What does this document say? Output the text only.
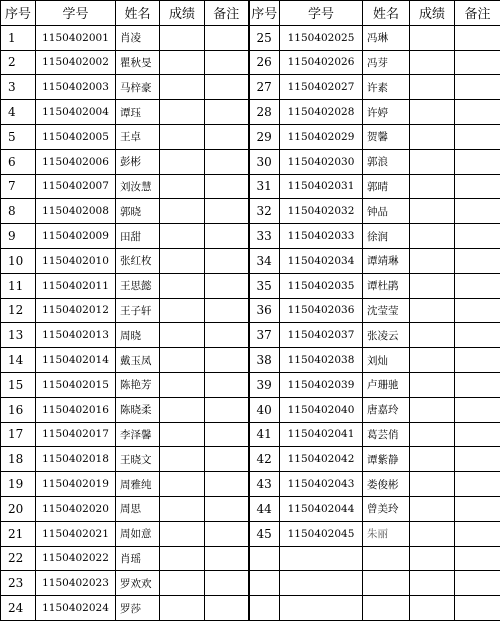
序号	学号	姓名	成绩	备注	序号	学号	姓名	成绩	备注
1	1150402001	肖凌			25	1150402025	冯琳		
2	1150402002	瞿秋旻			26	1150402026	冯芽		
3	1150402003	马梓豪			27	1150402027	许素		
4	1150402004	谭珏			28	1150402028	许婷		
5	1150402005	王卓			29	1150402029	贺馨		
6	1150402006	彭彬			30	1150402030	郭浪		
7	1150402007	刘汝慧			31	1150402031	郭晴		
8	1150402008	郭晓			32	1150402032	钟品		
9	1150402009	田甜			33	1150402033	徐润		
10	1150402010	张红枚			34	1150402034	谭靖琳		
11	1150402011	王思懿			35	1150402035	谭杜鹃		
12	1150402012	王子轩			36	1150402036	沈莹莹		
13	1150402013	周晓			37	1150402037	张凌云		
14	1150402014	戴玉凤			38	1150402038	刘灿		
15	1150402015	陈艳芳			39	1150402039	卢珊驰		
16	1150402016	陈晓柔			40	1150402040	唐嘉玲		
17	1150402017	李泽馨			41	1150402041	葛芸俏		
18	1150402018	王晓文			42	1150402042	谭紫静		
19	1150402019	周雅纯			43	1150402043	娄俊彬		
20	1150402020	周思			44	1150402044	曾美玲		
21	1150402021	周如意			45	1150402045	朱丽		
22	1150402022	肖瑶							
23	1150402023	罗欢欢							
24	1150402024	罗莎							
